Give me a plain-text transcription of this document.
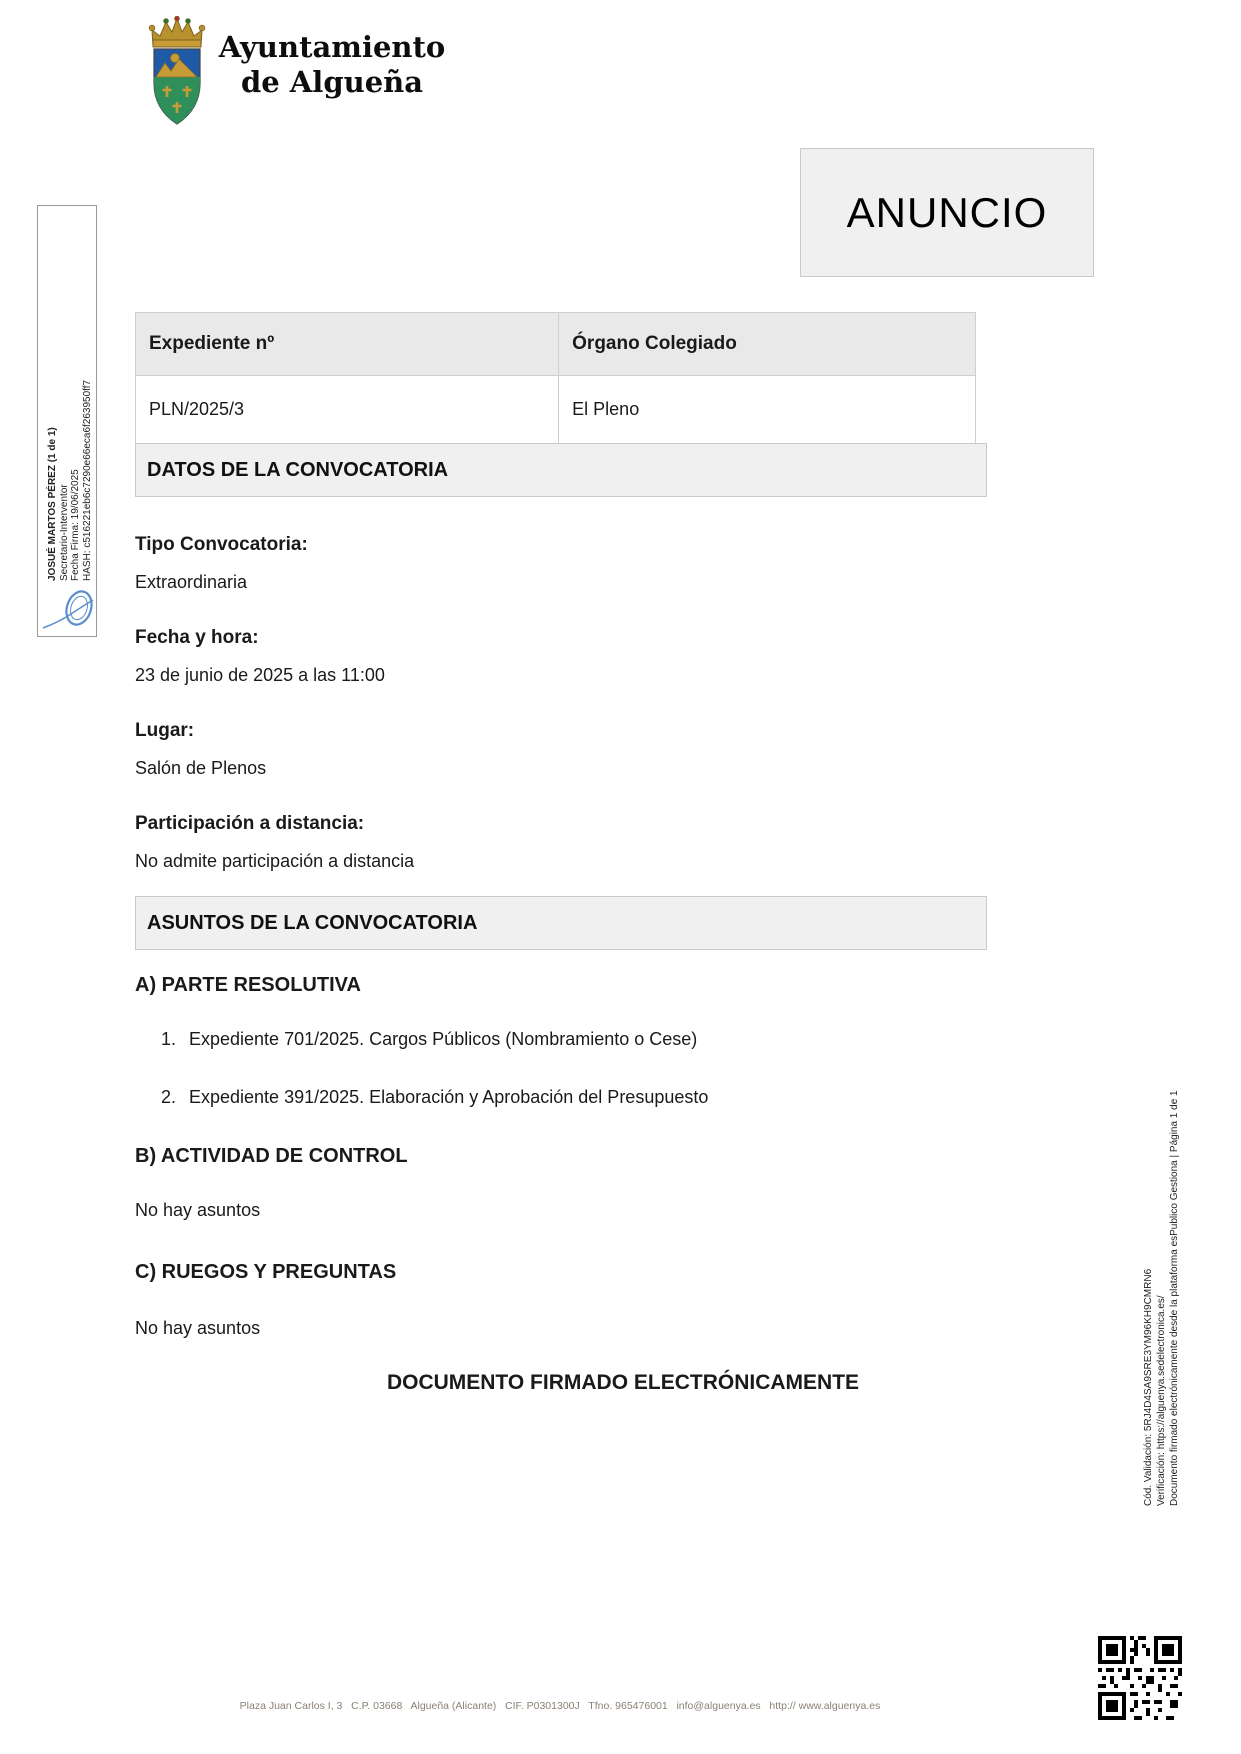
Ayuntamiento
de Algueña
ANUNCIO
JOSUÉ MARTOS PÉREZ (1 de 1) Secretario-Interventor Fecha Firma: 19/06/2025 HASH: c516221eb6c7290e66eca6f263950ff7
Expediente nº	Órgano Colegiado
PLN/2025/3	El Pleno
DATOS DE LA CONVOCATORIA
Tipo Convocatoria:
Extraordinaria
Fecha y hora:
23 de junio de 2025 a las 11:00
Lugar:
Salón de Plenos
Participación a distancia:
No admite participación a distancia
ASUNTOS DE LA CONVOCATORIA
A) PARTE RESOLUTIVA
1. Expediente 701/2025. Cargos Públicos (Nombramiento o Cese)
2. Expediente 391/2025. Elaboración y Aprobación del Presupuesto
B) ACTIVIDAD DE CONTROL
No hay asuntos
C) RUEGOS Y PREGUNTAS
No hay asuntos
DOCUMENTO FIRMADO ELECTRÓNICAMENTE	Cód. Validación: 5RJ4D4SA9SRE3YM96KH9CMRN6 Verificación: https://alguenya.sedelectronica.es/ Documento firmado electrónicamente desde la plataforma esPublico Gestiona | Página 1 de 1
Plaza Juan Carlos I, 3   C.P. 03668   Algueña (Alicante)   CIF. P0301300J   Tfno. 965476001   info@alguenya.es   http:// www.alguenya.es
